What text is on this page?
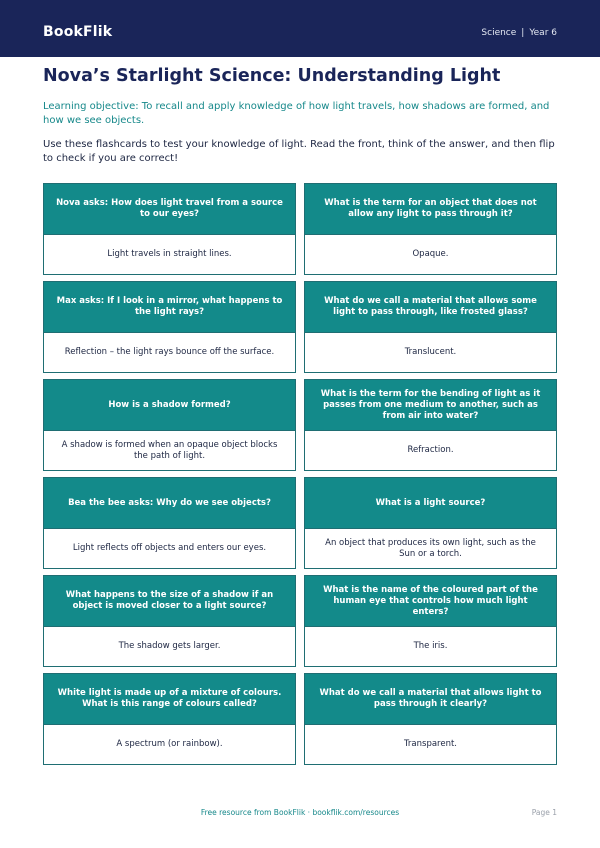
BookFlik	Science | Year 6
Nova’s Starlight Science: Understanding Light

Learning objective: To recall and apply knowledge of how light travels, how shadows are formed, and how we see objects.

Use these flashcards to test your knowledge of light. Read the front, think of the answer, and then flip to check if you are correct!

Nova asks: How does light travel from a source to our eyes?
Light travels in straight lines.
What is the term for an object that does not allow any light to pass through it?
Opaque.
Max asks: If I look in a mirror, what happens to the light rays?
Reflection – the light rays bounce off the surface.
What do we call a material that allows some light to pass through, like frosted glass?
Translucent.
How is a shadow formed?
A shadow is formed when an opaque object blocks the path of light.
What is the term for the bending of light as it passes from one medium to another, such as from air into water?
Refraction.
Bea the bee asks: Why do we see objects?
Light reflects off objects and enters our eyes.
What is a light source?
An object that produces its own light, such as the Sun or a torch.
What happens to the size of a shadow if an object is moved closer to a light source?
The shadow gets larger.
What is the name of the coloured part of the human eye that controls how much light enters?
The iris.
White light is made up of a mixture of colours. What is this range of colours called?
A spectrum (or rainbow).
What do we call a material that allows light to pass through it clearly?
Transparent.
Free resource from BookFlik · bookflik.com/resources	Page 1
